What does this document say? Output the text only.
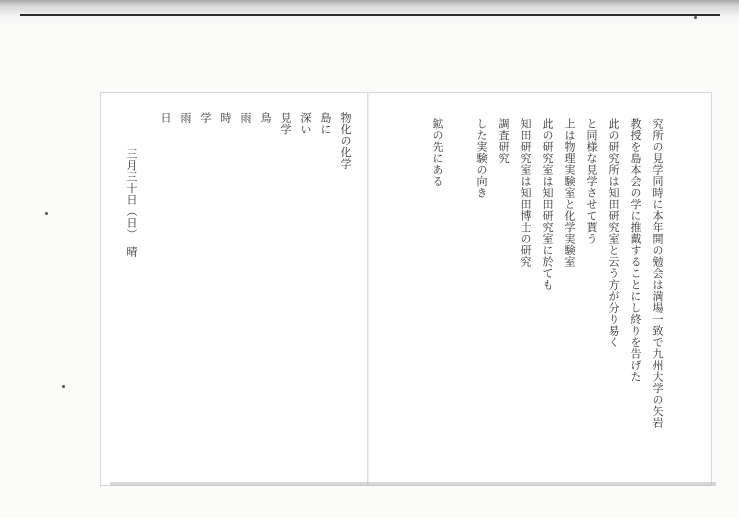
究所の見学同時に本年開の勉会は満場一致で九州大学の矢岩
教授を島本会の学に推戴することにし終りを告げた
此の研究所は知田研究室と云う方が分り易く
と同様な見学させて貰う
上は物理実験室と化学実験室
此の研究室は知田研究室に於ても
知田研究室は知田博士の研究
調査研究
した実験の向き
鉱の先にある
物化の化学
島に
深い
見学
鳥
雨
時
学
雨
日
三月三十日（日）　晴
